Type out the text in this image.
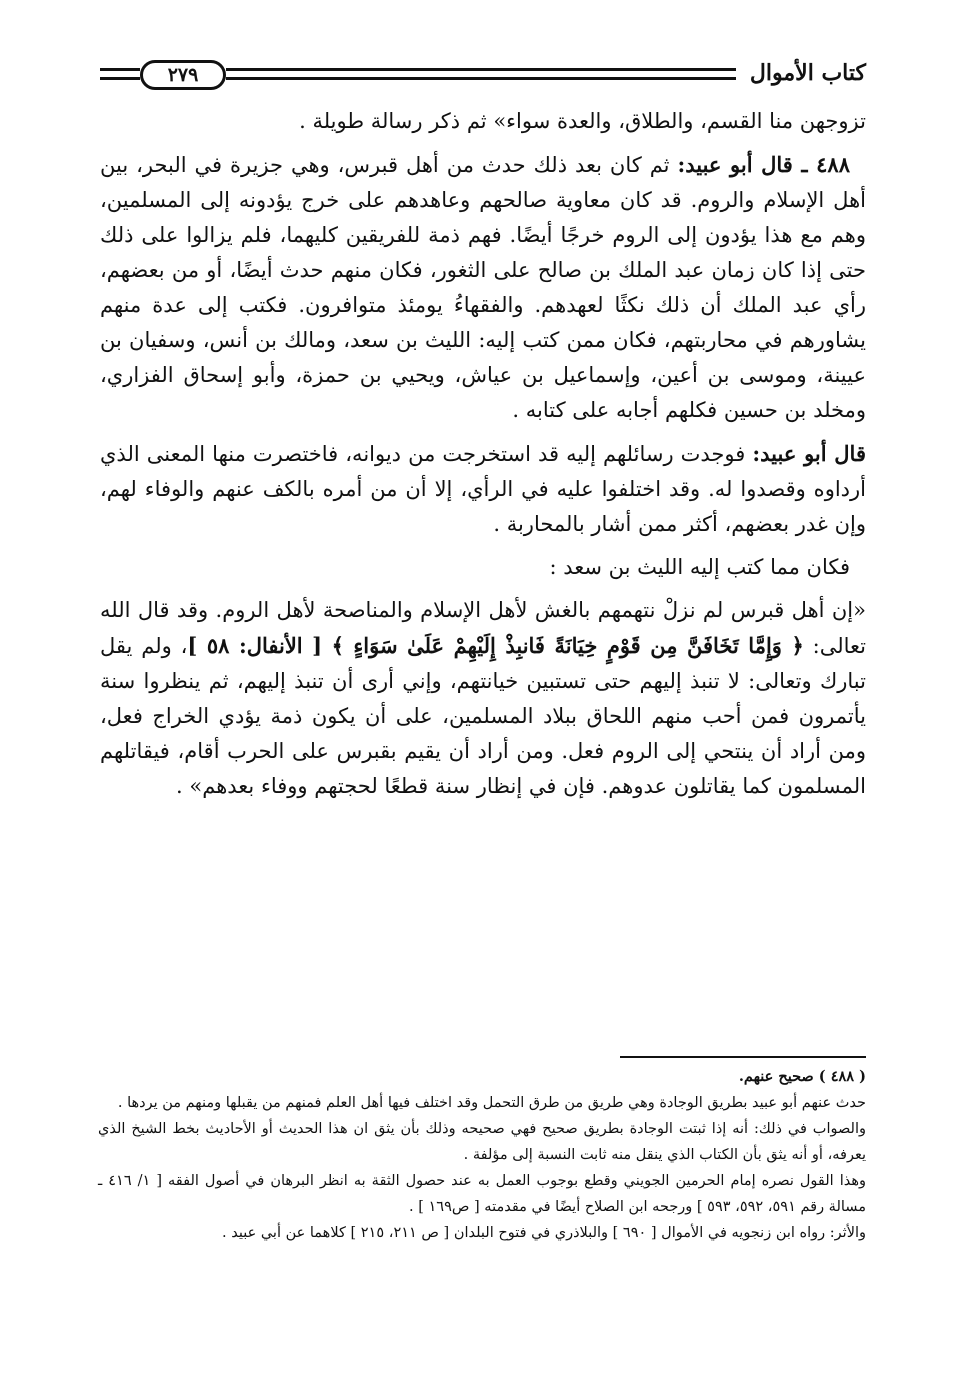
كتاب الأموال
٢٧٩

تزوجهن منا القسم، والطلاق، والعدة سواء» ثم ذكر رسالة طويلة .

٤٨٨ ـ قال أبو عبيد: ثم كان بعد ذلك حدث من أهل قبرس، وهي جزيرة في البحر، بين أهل الإسلام والروم. قد كان معاوية صالحهم وعاهدهم على خرج يؤدونه إلى المسلمين، وهم مع هذا يؤدون إلى الروم خرجًا أيضًا. فهم ذمة للفريقين كليهما، فلم يزالوا على ذلك حتى إذا كان زمان عبد الملك بن صالح على الثغور، فكان منهم حدث أيضًا، أو من بعضهم، رأي عبد الملك أن ذلك نكثًا لعهدهم. والفقهاءُ يومئذ متوافرون. فكتب إلى عدة منهم يشاورهم في محاربتهم، فكان ممن كتب إليه: الليث بن سعد، ومالك بن أنس، وسفيان بن عيينة، وموسى بن أعين، وإسماعيل بن عياش، ويحيي بن حمزة، وأبو إسحاق الفزاري، ومخلد بن حسين فكلهم أجابه على كتابه .

قال أبو عبيد: فوجدت رسائلهم إليه قد استخرجت من ديوانه، فاختصرت منها المعنى الذي أرداوه وقصدوا له. وقد اختلفوا عليه في الرأي، إلا أن من أمره بالكف عنهم والوفاء لهم، وإن غدر بعضهم، أكثر ممن أشار بالمحاربة .

فكان مما كتب إليه الليث بن سعد :

«إن أهل قبرس لم نزلْ نتهمهم بالغش لأهل الإسلام والمناصحة لأهل الروم. وقد قال الله تعالى: ﴿ وَإِمَّا تَخَافَنَّ مِن قَوْمٍ خِيَانَةً فَانبِذْ إِلَيْهِمْ عَلَىٰ سَوَاءٍ ﴾ [ الأنفال: ٥٨ ]، ولم يقل تبارك وتعالى: لا تنبذ إليهم حتى تستبين خيانتهم، وإني أرى أن تنبذ إليهم، ثم ينظروا سنة يأتمرون فمن أحب منهم اللحاق ببلاد المسلمين، على أن يكون ذمة يؤدي الخراج فعل، ومن أراد أن ينتحي إلى الروم فعل. ومن أراد أن يقيم بقبرس على الحرب أقام، فيقاتلهم المسلمون كما يقاتلون عدوهم. فإن في إنظار سنة قطعًا لحجتهم ووفاء بعدهم» .

( ٤٨٨ ) صحيح عنهم.

حدث عنهم أبو عبيد بطريق الوجادة وهي طريق من طرق التحمل وقد اختلف فيها أهل العلم فمنهم من يقبلها ومنهم من يردها .

والصواب في ذلك: أنه إذا ثبتت الوجادة بطريق صحيح فهي صحيحه وذلك بأن يثق ان هذا الحديث أو الأحاديث بخط الشيخ الذي يعرفه، أو أنه يثق بأن الكتاب الذي ينقل منه ثابت النسبة إلى مؤلفة .

وهذا القول نصره إمام الحرمين الجويني وقطع بوجوب العمل به عند حصول الثقة به انظر البرهان في أصول الفقه [ ١/ ٤١٦ ـ مسالة رقم ٥٩١، ٥٩٢، ٥٩٣ ] ورجحه ابن الصلاح أيضًا في مقدمته [ ص١٦٩ ] .

والأثر: رواه ابن زنجويه في الأموال [ ٦٩٠ ] والبلاذري في فتوح البلدان [ ص ٢١١، ٢١٥ ] كلاهما عن أبي عبيد .
